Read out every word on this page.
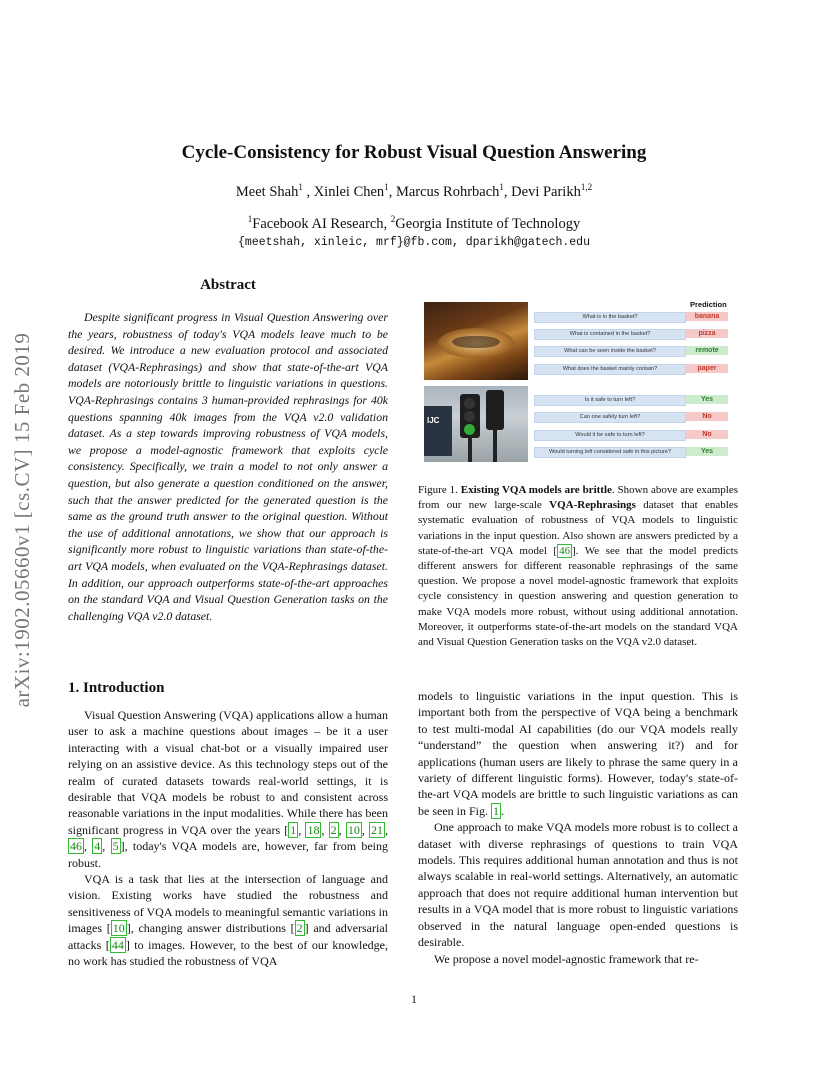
arXiv:1902.05660v1 [cs.CV] 15 Feb 2019
Cycle-Consistency for Robust Visual Question Answering
Meet Shah$^1$ , Xinlei Chen$^1$, Marcus Rohrbach$^1$, Devi Parikh$^{1,2}$
$^1$Facebook AI Research, $^2$Georgia Institute of Technology
{meetshah, xinleic, mrf}@fb.com, dparikh@gatech.edu
Abstract
Despite significant progress in Visual Question Answering over the years, robustness of today's VQA models leave much to be desired. We introduce a new evaluation protocol and associated dataset (VQA-Rephrasings) and show that state-of-the-art VQA models are notoriously brittle to linguistic variations in questions. VQA-Rephrasings contains 3 human-provided rephrasings for 40k questions spanning 40k images from the VQA v2.0 validation dataset. As a step towards improving robustness of VQA models, we propose a model-agnostic framework that exploits cycle consistency. Specifically, we train a model to not only answer a question, but also generate a question conditioned on the answer, such that the answer predicted for the generated question is the same as the ground truth answer to the original question. Without the use of additional annotations, we show that our approach is significantly more robust to linguistic variations than state-of-the-art VQA models, when evaluated on the VQA-Rephrasings dataset. In addition, our approach outperforms state-of-the-art approaches on the standard VQA and Visual Question Generation tasks on the challenging VQA v2.0 dataset.
IJC
Prediction
What is in the basket?	banana
What is contained in the basket?	pizza
What can be seen inside the basket?	remote
What does the basket mainly contain?	paper
Is it safe to turn left?	Yes
Can one safely turn left?	No
Would it be safe to turn left?	No
Would turning left considered safe in this picture?	Yes
Figure 1. Existing VQA models are brittle. Shown above are examples from our new large-scale VQA-Rephrasings dataset that enables systematic evaluation of robustness of VQA models to linguistic variations in the input question. Also shown are answers predicted by a state-of-the-art VQA model [ 46 ]. We see that the model predicts different answers for different reasonable rephrasings of the same question. We propose a novel model-agnostic framework that exploits cycle consistency in question answering and question generation to make VQA models more robust, without using additional annotation. Moreover, it outperforms state-of-the-art models on the standard VQA and Visual Question Generation tasks on the VQA v2.0 dataset.
1. Introduction

Visual Question Answering (VQA) applications allow a human user to ask a machine questions about images – be it a user interacting with a visual chat-bot or a visually impaired user relying on an assistive device. As this technology steps out of the realm of curated datasets towards real-world settings, it is desirable that VQA models be robust to and consistent across reasonable variations in the input modalities. While there has been significant progress in VQA over the years [ 1 , 18 , 2 , 10 , 21 , 46 , 4 , 5 ], today's VQA models are, however, far from being robust.

VQA is a task that lies at the intersection of language and vision. Existing works have studied the robustness and sensitiveness of VQA models to meaningful semantic variations in images [ 10 ], changing answer distributions [ 2 ] and adversarial attacks [ 44 ] to images. However, to the best of our knowledge, no work has studied the robustness of VQA

models to linguistic variations in the input question. This is important both from the perspective of VQA being a benchmark to test multi-modal AI capabilities (do our VQA models really “understand” the question when answering it?) and for applications (human users are likely to phrase the same query in a variety of different linguistic forms). However, today's state-of-the-art VQA models are brittle to such linguistic variations as can be seen in Fig. 1 .

One approach to make VQA models more robust is to collect a dataset with diverse rephrasings of questions to train VQA models. This requires additional human annotation and thus is not always scalable in real-world settings. Alternatively, an automatic approach that does not require additional human intervention but results in a VQA model that is more robust to linguistic variations observed in the natural language open-ended questions is desirable.

We propose a novel model-agnostic framework that re-

1
